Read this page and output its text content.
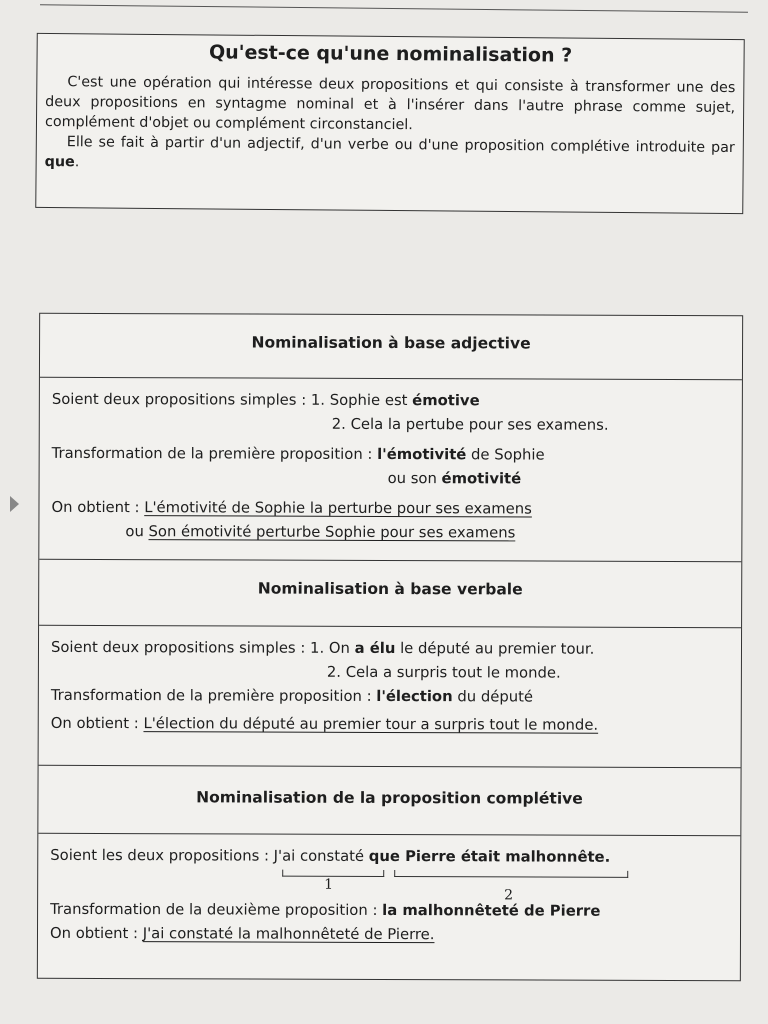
Qu'est-ce qu'une nominalisation ?

C'est une opération qui intéresse deux propositions et qui consiste à transformer une des deux propositions en syntagme nominal et à l'insérer dans l'autre phrase comme sujet, complément d'objet ou complément circonstanciel.

Elle se fait à partir d'un adjectif, d'un verbe ou d'une proposition complétive introduite par que.

Nominalisation à base adjective
Soient deux propositions simples : 1. Sophie est émotive
2. Cela la pertube pour ses examens.
Transformation de la première proposition : l'émotivité de Sophie
ou son émotivité
On obtient : L'émotivité de Sophie la perturbe pour ses examens
ou Son émotivité perturbe Sophie pour ses examens
Nominalisation à base verbale
Soient deux propositions simples : 1. On a élu le député au premier tour.
2. Cela a surpris tout le monde.
Transformation de la première proposition : l'élection du député
On obtient : L'élection du député au premier tour a surpris tout le monde.
Nominalisation de la proposition complétive
Soient les deux propositions : J'ai constaté que Pierre était malhonnête.
1
2
Transformation de la deuxième proposition : la malhonnêteté de Pierre
On obtient : J'ai constaté la malhonnêteté de Pierre.
